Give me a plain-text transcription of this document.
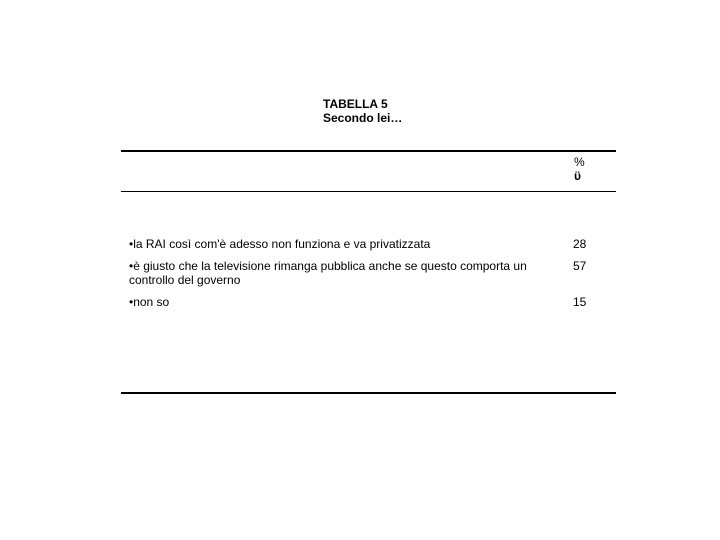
TABELLA 5
Secondo lei…
%
ϋ
•la RAI così com'è adesso non funziona e va privatizzata	28
•è giusto che la televisione rimanga pubblica anche se questo comporta un controllo del governo
57
•non so	15
